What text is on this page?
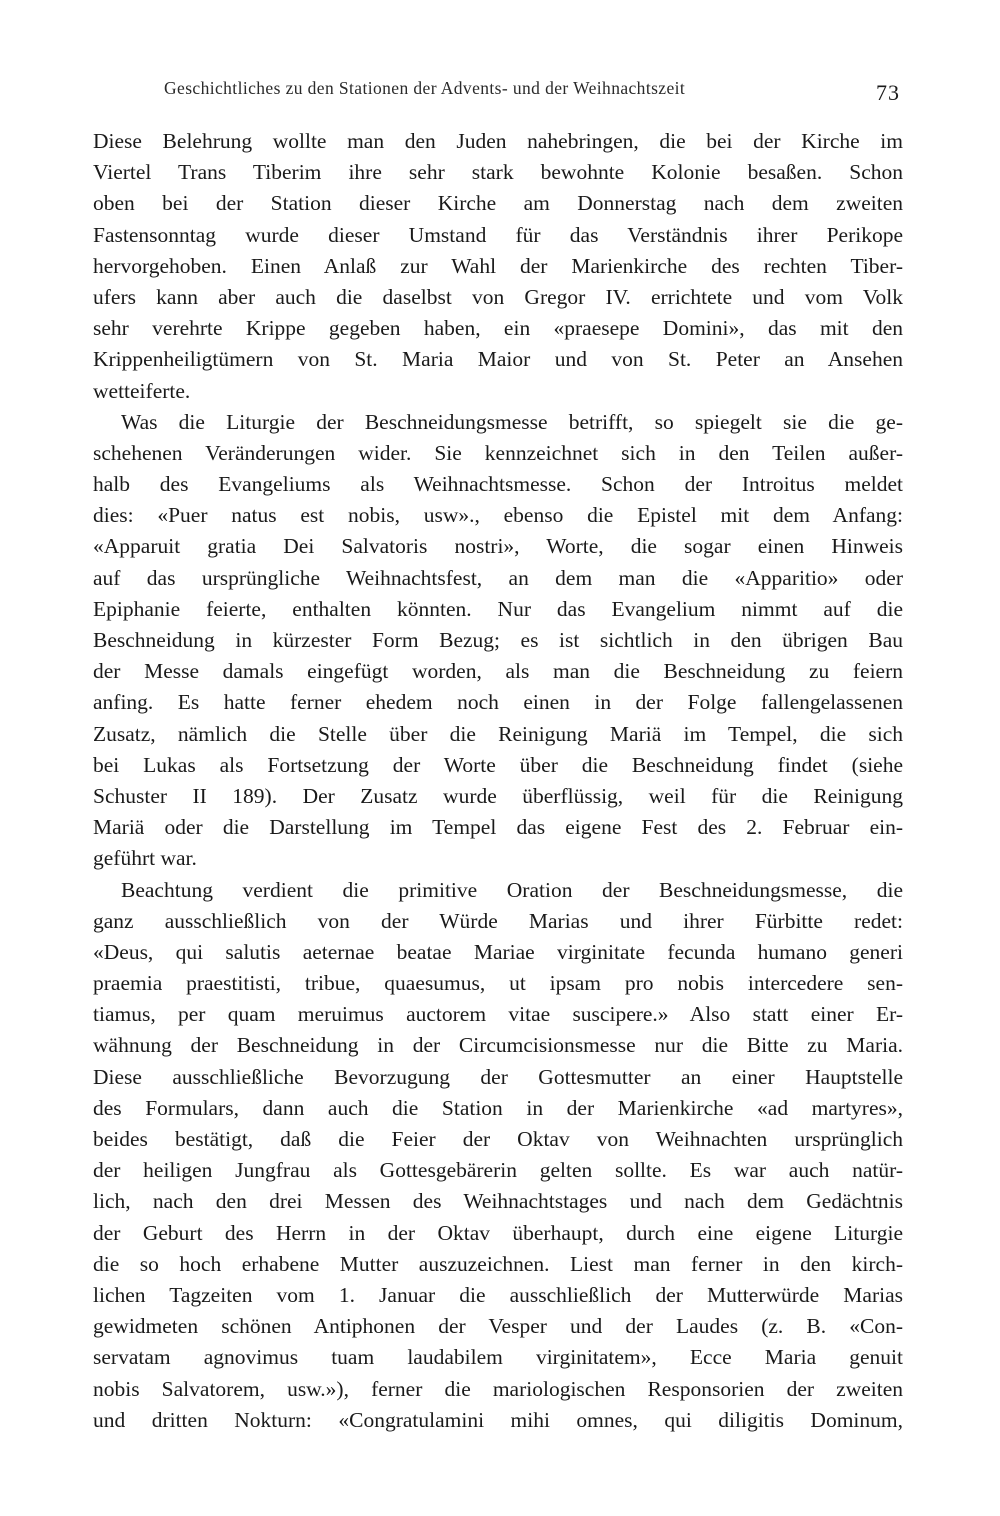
Geschichtliches zu den Stationen der Advents- und der Weihnachtszeit	73
Diese Belehrung wollte man den Juden nahebringen, die bei der Kirche im
Viertel Trans Tiberim ihre sehr stark bewohnte Kolonie besaßen. Schon
oben bei der Station dieser Kirche am Donnerstag nach dem zweiten
Fastensonntag wurde dieser Umstand für das Verständnis ihrer Perikope
hervorgehoben. Einen Anlaß zur Wahl der Marienkirche des rechten Tiber-
ufers kann aber auch die daselbst von Gregor IV. errichtete und vom Volk
sehr verehrte Krippe gegeben haben, ein «praesepe Domini», das mit den
Krippenheiligtümern von St. Maria Maior und von St. Peter an Ansehen
wetteiferte.
Was die Liturgie der Beschneidungsmesse betrifft, so spiegelt sie die ge-
schehenen Veränderungen wider. Sie kennzeichnet sich in den Teilen außer-
halb des Evangeliums als Weihnachtsmesse. Schon der Introitus meldet
dies: «Puer natus est nobis, usw»., ebenso die Epistel mit dem Anfang:
«Apparuit gratia Dei Salvatoris nostri», Worte, die sogar einen Hinweis
auf das ursprüngliche Weihnachtsfest, an dem man die «Apparitio» oder
Epiphanie feierte, enthalten könnten. Nur das Evangelium nimmt auf die
Beschneidung in kürzester Form Bezug; es ist sichtlich in den übrigen Bau
der Messe damals eingefügt worden, als man die Beschneidung zu feiern
anfing. Es hatte ferner ehedem noch einen in der Folge fallengelassenen
Zusatz, nämlich die Stelle über die Reinigung Mariä im Tempel, die sich
bei Lukas als Fortsetzung der Worte über die Beschneidung findet (siehe
Schuster II 189). Der Zusatz wurde überflüssig, weil für die Reinigung
Mariä oder die Darstellung im Tempel das eigene Fest des 2. Februar ein-
geführt war.
Beachtung verdient die primitive Oration der Beschneidungsmesse, die
ganz ausschließlich von der Würde Marias und ihrer Fürbitte redet:
«Deus, qui salutis aeternae beatae Mariae virginitate fecunda humano generi
praemia praestitisti, tribue, quaesumus, ut ipsam pro nobis intercedere sen-
tiamus, per quam meruimus auctorem vitae suscipere.» Also statt einer Er-
wähnung der Beschneidung in der Circumcisionsmesse nur die Bitte zu Maria.
Diese ausschließliche Bevorzugung der Gottesmutter an einer Hauptstelle
des Formulars, dann auch die Station in der Marienkirche «ad martyres»,
beides bestätigt, daß die Feier der Oktav von Weihnachten ursprünglich
der heiligen Jungfrau als Gottesgebärerin gelten sollte. Es war auch natür-
lich, nach den drei Messen des Weihnachtstages und nach dem Gedächtnis
der Geburt des Herrn in der Oktav überhaupt, durch eine eigene Liturgie
die so hoch erhabene Mutter auszuzeichnen. Liest man ferner in den kirch-
lichen Tagzeiten vom 1. Januar die ausschließlich der Mutterwürde Marias
gewidmeten schönen Antiphonen der Vesper und der Laudes (z. B. «Con-
servatam agnovimus tuam laudabilem virginitatem», Ecce Maria genuit
nobis Salvatorem, usw.»), ferner die mariologischen Responsorien der zweiten
und dritten Nokturn: «Congratulamini mihi omnes, qui diligitis Dominum,
